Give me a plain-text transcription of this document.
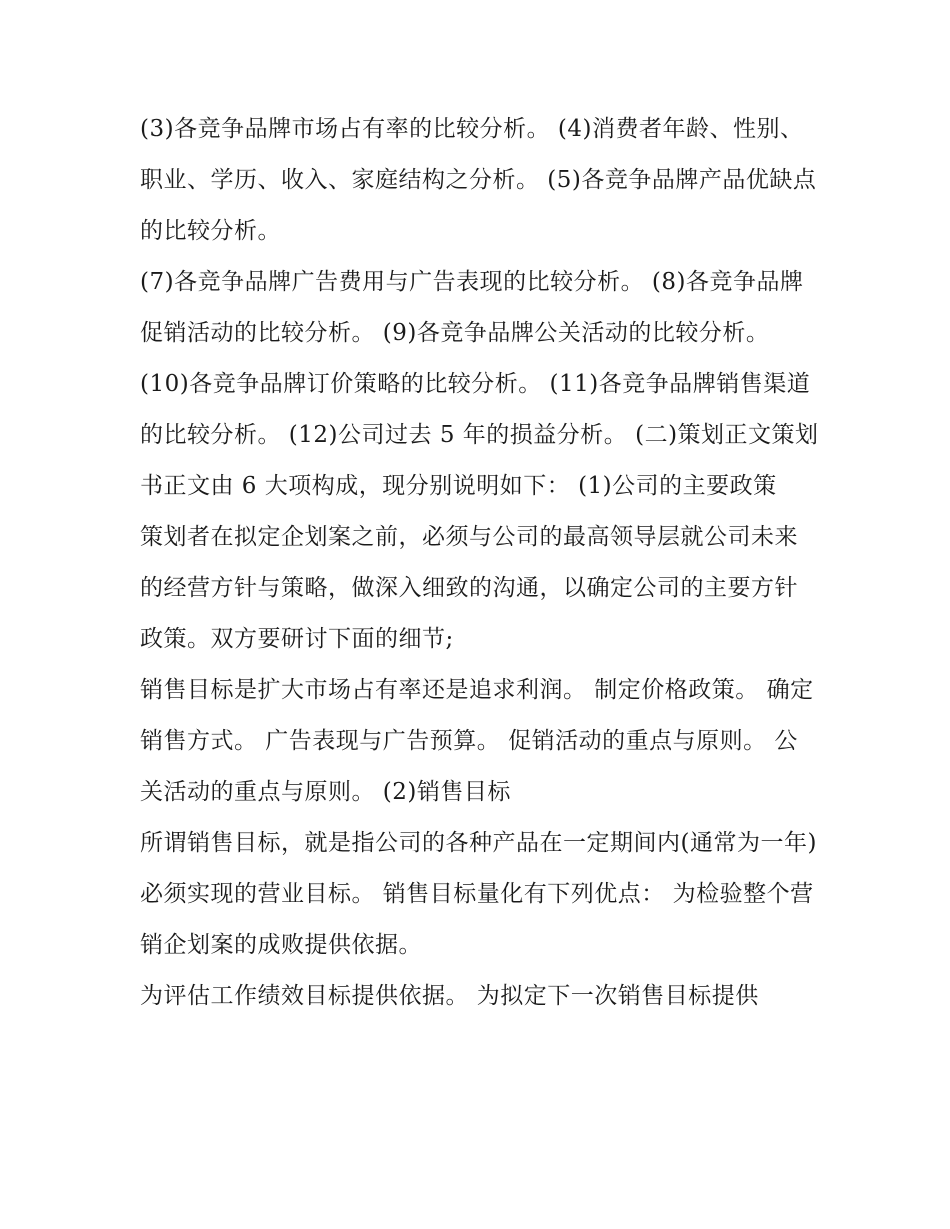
(3)各竞争品牌市场占有率的比较分析。 (4)消费者年龄、性别、职业、学历、收入、家庭结构之分析。 (5)各竞争品牌产品优缺点的比较分析。

(7)各竞争品牌广告费用与广告表现的比较分析。 (8)各竞争品牌促销活动的比较分析。 (9)各竞争品牌公关活动的比较分析。

(10)各竞争品牌订价策略的比较分析。 (11)各竞争品牌销售渠道的比较分析。 (12)公司过去 5 年的损益分析。 (二)策划正文策划书正文由 6 大项构成，现分别说明如下： (1)公司的主要政策

策划者在拟定企划案之前，必须与公司的最高领导层就公司未来的经营方针与策略，做深入细致的沟通，以确定公司的主要方针政策。双方要研讨下面的细节;

销售目标是扩大市场占有率还是追求利润。 制定价格政策。 确定销售方式。 广告表现与广告预算。 促销活动的重点与原则。 公关活动的重点与原则。 (2)销售目标

所谓销售目标，就是指公司的各种产品在一定期间内(通常为一年)必须实现的营业目标。 销售目标量化有下列优点： 为检验整个营销企划案的成败提供依据。

为评估工作绩效目标提供依据。 为拟定下一次销售目标提供
